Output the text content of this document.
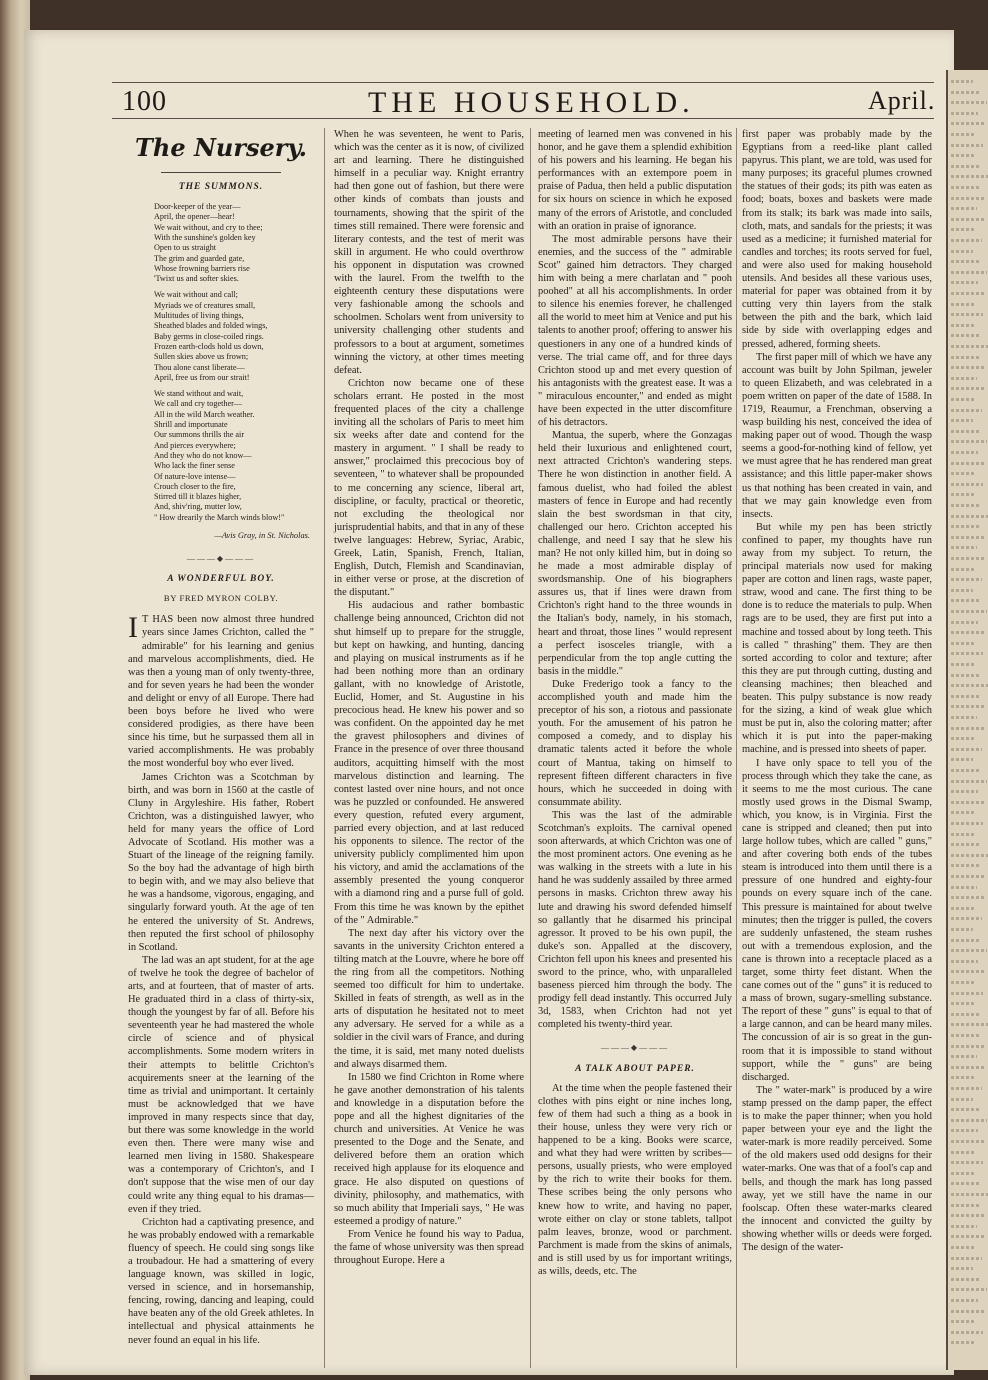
100	THE HOUSEHOLD.	April.
The Nursery.
THE SUMMONS.
Door-keeper of the year—
April, the opener—hear!
We wait without, and cry to thee;
With the sunshine's golden key
Open to us straight
The grim and guarded gate,
Whose frowning barriers rise
'Twixt us and softer skies.
We wait without and call;
Myriads we of creatures small,
Multitudes of living things,
Sheathed blades and folded wings,
Baby germs in close-coiled rings.
Frozen earth-clods hold us down,
Sullen skies above us frown;
Thou alone canst liberate—
April, free us from our strait!
We stand without and wait,
We call and cry together—
All in the wild March weather.
Shrill and importunate
Our summons thrills the air
And pierces everywhere;
And they who do not know—
Who lack the finer sense
Of nature-love intense—
Crouch closer to the fire,
Stirred till it blazes higher,
And, shiv'ring, mutter low,
" How drearily the March winds blow!"
—Avis Gray, in St. Nicholas.
———◆———
A WONDERFUL BOY.
BY FRED MYRON COLBY.

I T HAS been now almost three hundred years since James Crichton, called the " admirable" for his learning and genius and marvelous accomplishments, died. He was then a young man of only twenty-three, and for seven years he had been the wonder and delight or envy of all Europe. There had been boys before he lived who were considered prodigies, as there have been since his time, but he surpassed them all in varied accomplishments. He was probably the most wonderful boy who ever lived.

James Crichton was a Scotchman by birth, and was born in 1560 at the castle of Cluny in Argyleshire. His father, Robert Crichton, was a distinguished lawyer, who held for many years the office of Lord Advocate of Scotland. His mother was a Stuart of the lineage of the reigning family. So the boy had the advantage of high birth to begin with, and we may also believe that he was a handsome, vigorous, engaging, and singularly forward youth. At the age of ten he entered the university of St. Andrews, then reputed the first school of philosophy in Scotland.

The lad was an apt student, for at the age of twelve he took the degree of bachelor of arts, and at fourteen, that of master of arts. He graduated third in a class of thirty-six, though the youngest by far of all. Before his seventeenth year he had mastered the whole circle of science and of physical accomplishments. Some modern writers in their attempts to belittle Crichton's acquirements sneer at the learning of the time as trivial and unimportant. It certainly must be acknowledged that we have improved in many respects since that day, but there was some knowledge in the world even then. There were many wise and learned men living in 1580. Shakespeare was a contemporary of Crichton's, and I don't suppose that the wise men of our day could write any thing equal to his dramas—even if they tried.

Crichton had a captivating presence, and he was probably endowed with a remarkable fluency of speech. He could sing songs like a troubadour. He had a smattering of every language known, was skilled in logic, versed in science, and in horsemanship, fencing, rowing, dancing and leaping, could have beaten any of the old Greek athletes. In intellectual and physical attainments he never found an equal in his life.

When he was seventeen, he went to Paris, which was the center as it is now, of civilized art and learning. There he distinguished himself in a peculiar way. Knight errantry had then gone out of fashion, but there were other kinds of combats than jousts and tournaments, showing that the spirit of the times still remained. There were forensic and literary contests, and the test of merit was skill in argument. He who could overthrow his opponent in disputation was crowned with the laurel. From the twelfth to the eighteenth century these disputations were very fashionable among the schools and schoolmen. Scholars went from university to university challenging other students and professors to a bout at argument, sometimes winning the victory, at other times meeting defeat.

Crichton now became one of these scholars errant. He posted in the most frequented places of the city a challenge inviting all the scholars of Paris to meet him six weeks after date and contend for the mastery in argument. " I shall be ready to answer," proclaimed this precocious boy of seventeen, " to whatever shall be propounded to me concerning any science, liberal art, discipline, or faculty, practical or theoretic, not excluding the theological nor jurisprudential habits, and that in any of these twelve languages: Hebrew, Syriac, Arabic, Greek, Latin, Spanish, French, Italian, English, Dutch, Flemish and Scandinavian, in either verse or prose, at the discretion of the disputant."

His audacious and rather bombastic challenge being announced, Crichton did not shut himself up to prepare for the struggle, but kept on hawking, and hunting, dancing and playing on musical instruments as if he had been nothing more than an ordinary gallant, with no knowledge of Aristotle, Euclid, Homer, and St. Augustine in his precocious head. He knew his power and so was confident. On the appointed day he met the gravest philosophers and divines of France in the presence of over three thousand auditors, acquitting himself with the most marvelous distinction and learning. The contest lasted over nine hours, and not once was he puzzled or confounded. He answered every question, refuted every argument, parried every objection, and at last reduced his opponents to silence. The rector of the university publicly complimented him upon his victory, and amid the acclamations of the assembly presented the young conqueror with a diamond ring and a purse full of gold. From this time he was known by the epithet of the " Admirable."

The next day after his victory over the savants in the university Crichton entered a tilting match at the Louvre, where he bore off the ring from all the competitors. Nothing seemed too difficult for him to undertake. Skilled in feats of strength, as well as in the arts of disputation he hesitated not to meet any adversary. He served for a while as a soldier in the civil wars of France, and during the time, it is said, met many noted duelists and always disarmed them.

In 1580 we find Crichton in Rome where he gave another demonstration of his talents and knowledge in a disputation before the pope and all the highest dignitaries of the church and universities. At Venice he was presented to the Doge and the Senate, and delivered before them an oration which received high applause for its eloquence and grace. He also disputed on questions of divinity, philosophy, and mathematics, with so much ability that Imperiali says, " He was esteemed a prodigy of nature."

From Venice he found his way to Padua, the fame of whose university was then spread throughout Europe. Here a

meeting of learned men was convened in his honor, and he gave them a splendid exhibition of his powers and his learning. He began his performances with an extempore poem in praise of Padua, then held a public disputation for six hours on science in which he exposed many of the errors of Aristotle, and concluded with an oration in praise of ignorance.

The most admirable persons have their enemies, and the success of the " admirable Scot" gained him detractors. They charged him with being a mere charlatan and " pooh poohed" at all his accomplishments. In order to silence his enemies forever, he challenged all the world to meet him at Venice and put his talents to another proof; offering to answer his questioners in any one of a hundred kinds of verse. The trial came off, and for three days Crichton stood up and met every question of his antagonists with the greatest ease. It was a " miraculous encounter," and ended as might have been expected in the utter discomfiture of his detractors.

Mantua, the superb, where the Gonzagas held their luxurious and enlightened court, next attracted Crichton's wandering steps. There he won distinction in another field. A famous duelist, who had foiled the ablest masters of fence in Europe and had recently slain the best swordsman in that city, challenged our hero. Crichton accepted his challenge, and need I say that he slew his man? He not only killed him, but in doing so he made a most admirable display of swordsmanship. One of his biographers assures us, that if lines were drawn from Crichton's right hand to the three wounds in the Italian's body, namely, in his stomach, heart and throat, those lines " would represent a perfect isosceles triangle, with a perpendicular from the top angle cutting the basis in the middle."

Duke Frederigo took a fancy to the accomplished youth and made him the preceptor of his son, a riotous and passionate youth. For the amusement of his patron he composed a comedy, and to display his dramatic talents acted it before the whole court of Mantua, taking on himself to represent fifteen different characters in five hours, which he succeeded in doing with consummate ability.

This was the last of the admirable Scotchman's exploits. The carnival opened soon afterwards, at which Crichton was one of the most prominent actors. One evening as he was walking in the streets with a lute in his hand he was suddenly assailed by three armed persons in masks. Crichton threw away his lute and drawing his sword defended himself so gallantly that he disarmed his principal agressor. It proved to be his own pupil, the duke's son. Appalled at the discovery, Crichton fell upon his knees and presented his sword to the prince, who, with unparalleled baseness pierced him through the body. The prodigy fell dead instantly. This occurred July 3d, 1583, when Crichton had not yet completed his twenty-third year.

———◆———
A TALK ABOUT PAPER.

At the time when the people fastened their clothes with pins eight or nine inches long, few of them had such a thing as a book in their house, unless they were very rich or happened to be a king. Books were scarce, and what they had were written by scribes—persons, usually priests, who were employed by the rich to write their books for them. These scribes being the only persons who knew how to write, and having no paper, wrote either on clay or stone tablets, tallpot palm leaves, bronze, wood or parchment. Parchment is made from the skins of animals, and is still used by us for important writings, as wills, deeds, etc. The

first paper was probably made by the Egyptians from a reed-like plant called papyrus. This plant, we are told, was used for many purposes; its graceful plumes crowned the statues of their gods; its pith was eaten as food; boats, boxes and baskets were made from its stalk; its bark was made into sails, cloth, mats, and sandals for the priests; it was used as a medicine; it furnished material for candles and torches; its roots served for fuel, and were also used for making household utensils. And besides all these various uses, material for paper was obtained from it by cutting very thin layers from the stalk between the pith and the bark, which laid side by side with overlapping edges and pressed, adhered, forming sheets.

The first paper mill of which we have any account was built by John Spilman, jeweler to queen Elizabeth, and was celebrated in a poem written on paper of the date of 1588. In 1719, Reaumur, a Frenchman, observing a wasp building his nest, conceived the idea of making paper out of wood. Though the wasp seems a good-for-nothing kind of fellow, yet we must agree that he has rendered man great assistance; and this little paper-maker shows us that nothing has been created in vain, and that we may gain knowledge even from insects.

But while my pen has been strictly confined to paper, my thoughts have run away from my subject. To return, the principal materials now used for making paper are cotton and linen rags, waste paper, straw, wood and cane. The first thing to be done is to reduce the materials to pulp. When rags are to be used, they are first put into a machine and tossed about by long teeth. This is called " thrashing" them. They are then sorted according to color and texture; after this they are put through cutting, dusting and cleansing machines; then bleached and beaten. This pulpy substance is now ready for the sizing, a kind of weak glue which must be put in, also the coloring matter; after which it is put into the paper-making machine, and is pressed into sheets of paper.

I have only space to tell you of the process through which they take the cane, as it seems to me the most curious. The cane mostly used grows in the Dismal Swamp, which, you know, is in Virginia. First the cane is stripped and cleaned; then put into large hollow tubes, which are called " guns," and after covering both ends of the tubes steam is introduced into them until there is a pressure of one hundred and eighty-four pounds on every square inch of the cane. This pressure is maintained for about twelve minutes; then the trigger is pulled, the covers are suddenly unfastened, the steam rushes out with a tremendous explosion, and the cane is thrown into a receptacle placed as a target, some thirty feet distant. When the cane comes out of the " guns" it is reduced to a mass of brown, sugary-smelling substance. The report of these " guns" is equal to that of a large cannon, and can be heard many miles. The concussion of air is so great in the gun-room that it is impossible to stand without support, while the " guns" are being discharged.

The " water-mark" is produced by a wire stamp pressed on the damp paper, the effect is to make the paper thinner; when you hold paper between your eye and the light the water-mark is more readily perceived. Some of the old makers used odd designs for their water-marks. One was that of a fool's cap and bells, and though the mark has long passed away, yet we still have the name in our foolscap. Often these water-marks cleared the innocent and convicted the guilty by showing whether wills or deeds were forged. The design of the water-
